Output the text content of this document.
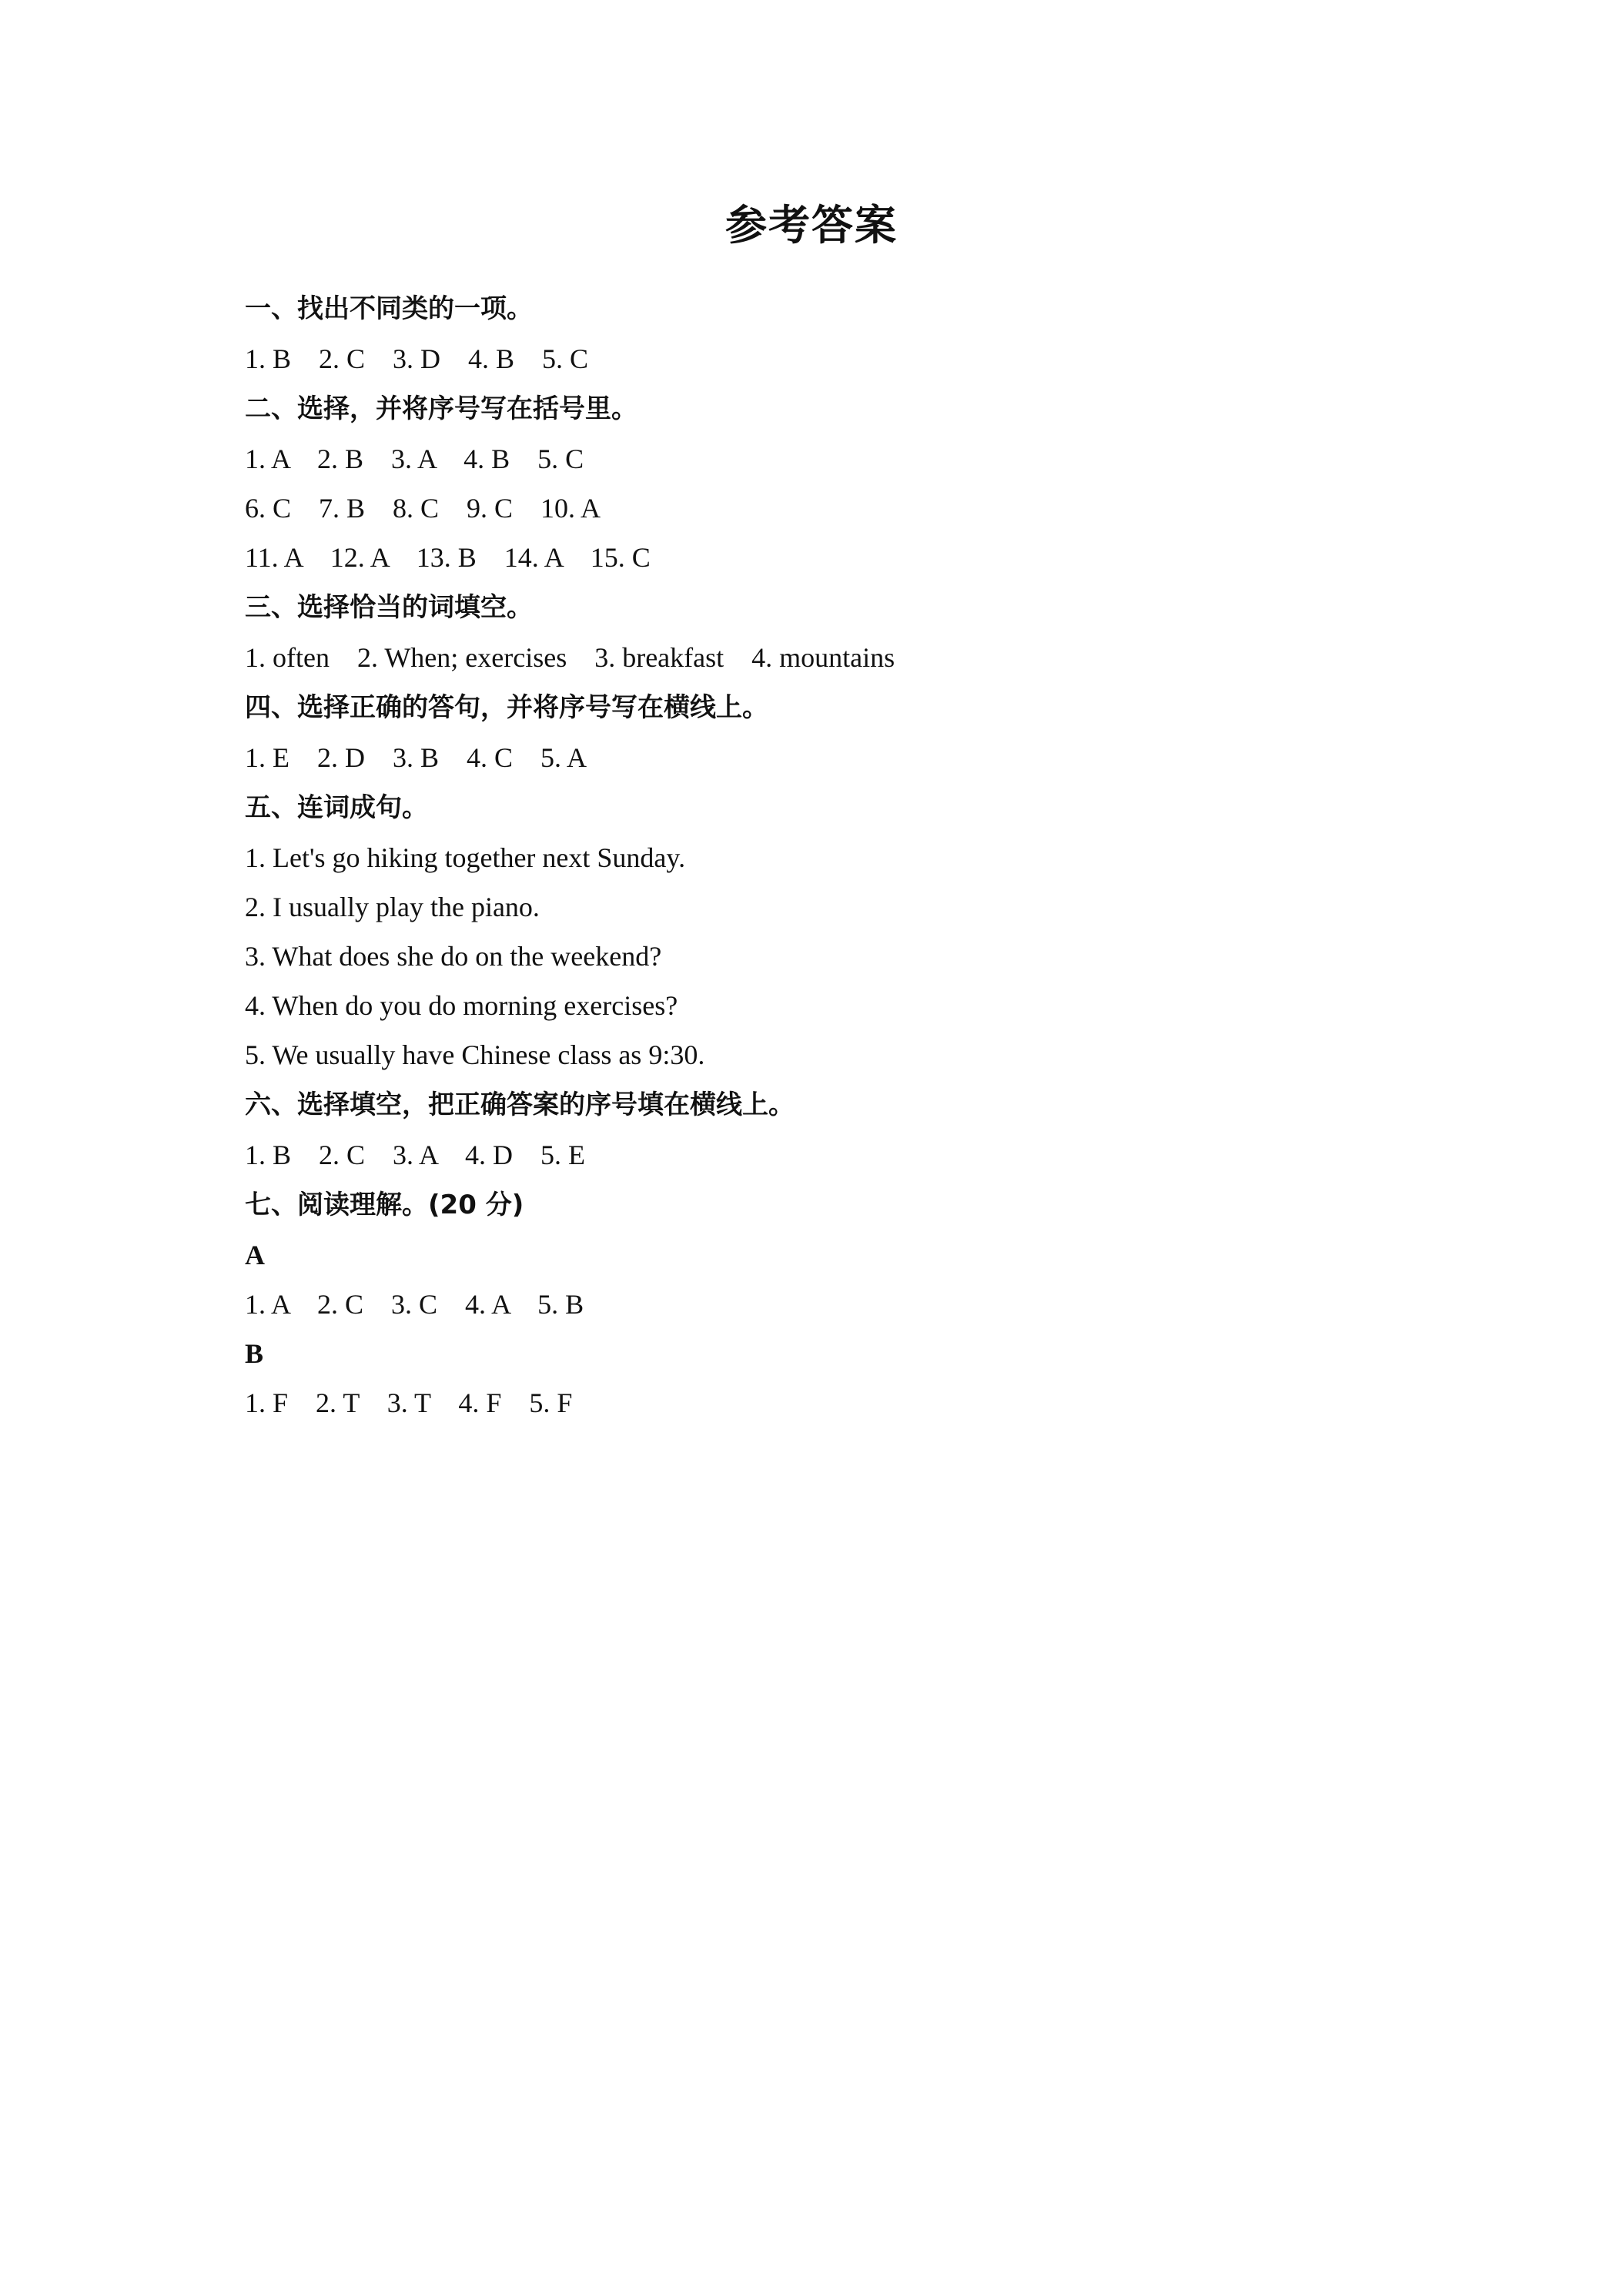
参考答案
一、找出不同类的一项。
1. B    2. C    3. D    4. B    5. C
二、选择，并将序号写在括号里。
1. A    2. B    3. A    4. B    5. C
6. C    7. B    8. C    9. C    10. A
11. A    12. A    13. B    14. A    15. C
三、选择恰当的词填空。
1. often    2. When; exercises    3. breakfast    4. mountains
四、选择正确的答句，并将序号写在横线上。
1. E    2. D    3. B    4. C    5. A
五、连词成句。
1. Let's go hiking together next Sunday.
2. I usually play the piano.
3. What does she do on the weekend?
4. When do you do morning exercises?
5. We usually have Chinese class as 9:30.
六、选择填空，把正确答案的序号填在横线上。
1. B    2. C    3. A    4. D    5. E
七、阅读理解。(20 分)
A
1. A    2. C    3. C    4. A    5. B
B
1. F    2. T    3. T    4. F    5. F
